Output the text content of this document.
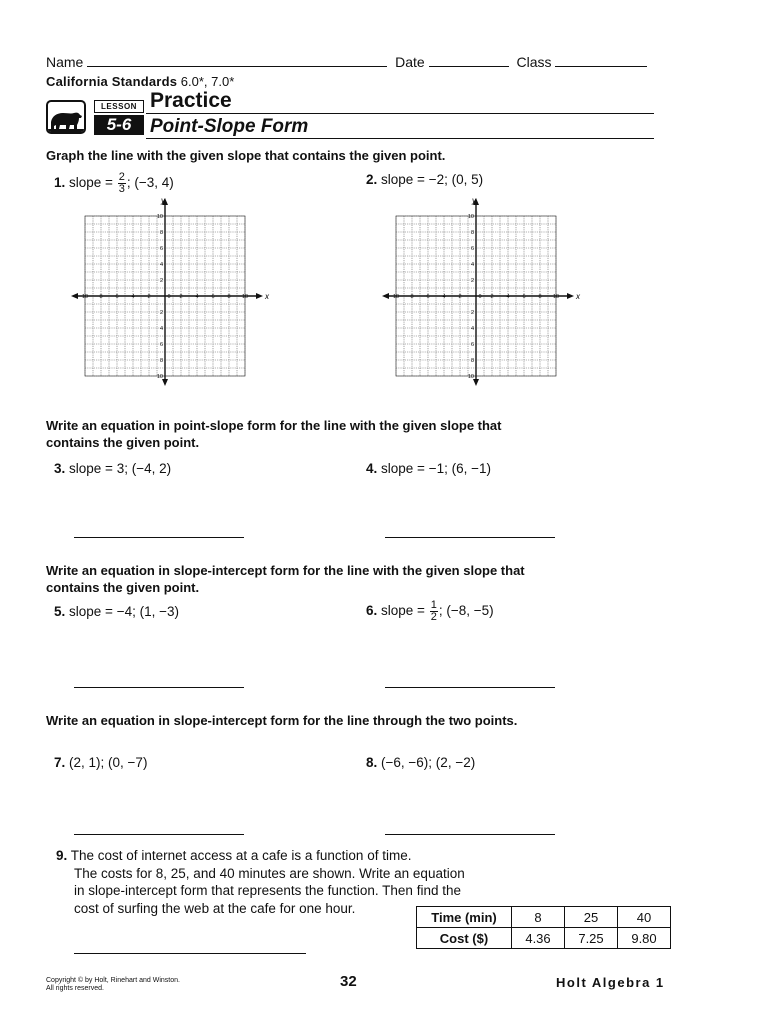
Name	Date	Class
California Standards 6.0*, 7.0*
LESSON
5-6
Practice
Point-Slope Form
Graph the line with the given slope that contains the given point.
1. slope = $\frac{2}{3}$ ; (−3, 4)	2. slope = −2; (0, 5)
x
y
10 8 6 4 2	2 4 6 8 10
0
10
8
6
4
2
2
4
6
8
10
x
y
10 8 6 4 2	2 4 6 8 10
0
10
8
6
4
2
2
4
6
8
10
Write an equation in point-slope form for the line with the given slope that contains the given point.
3. slope = 3; (−4, 2)	4. slope = −1; (6, −1)
Write an equation in slope-intercept form for the line with the given slope that contains the given point.
5. slope = −4; (1, −3)	6. slope = $\frac{1}{2}$ ; (−8, −5)
Write an equation in slope-intercept form for the line through the two points.
7. (2, 1); (0, −7)	8. (−6, −6); (2, −2)
9. The cost of internet access at a cafe is a function of time.
The costs for 8, 25, and 40 minutes are shown. Write an equation
in slope-intercept form that represents the function. Then find the
cost of surfing the web at the cafe for one hour.
Time (min)	8	25	40
Cost ($)	4.36	7.25	9.80
Copyright © by Holt, Rinehart and Winston.
All rights reserved.	32	Holt Algebra 1
